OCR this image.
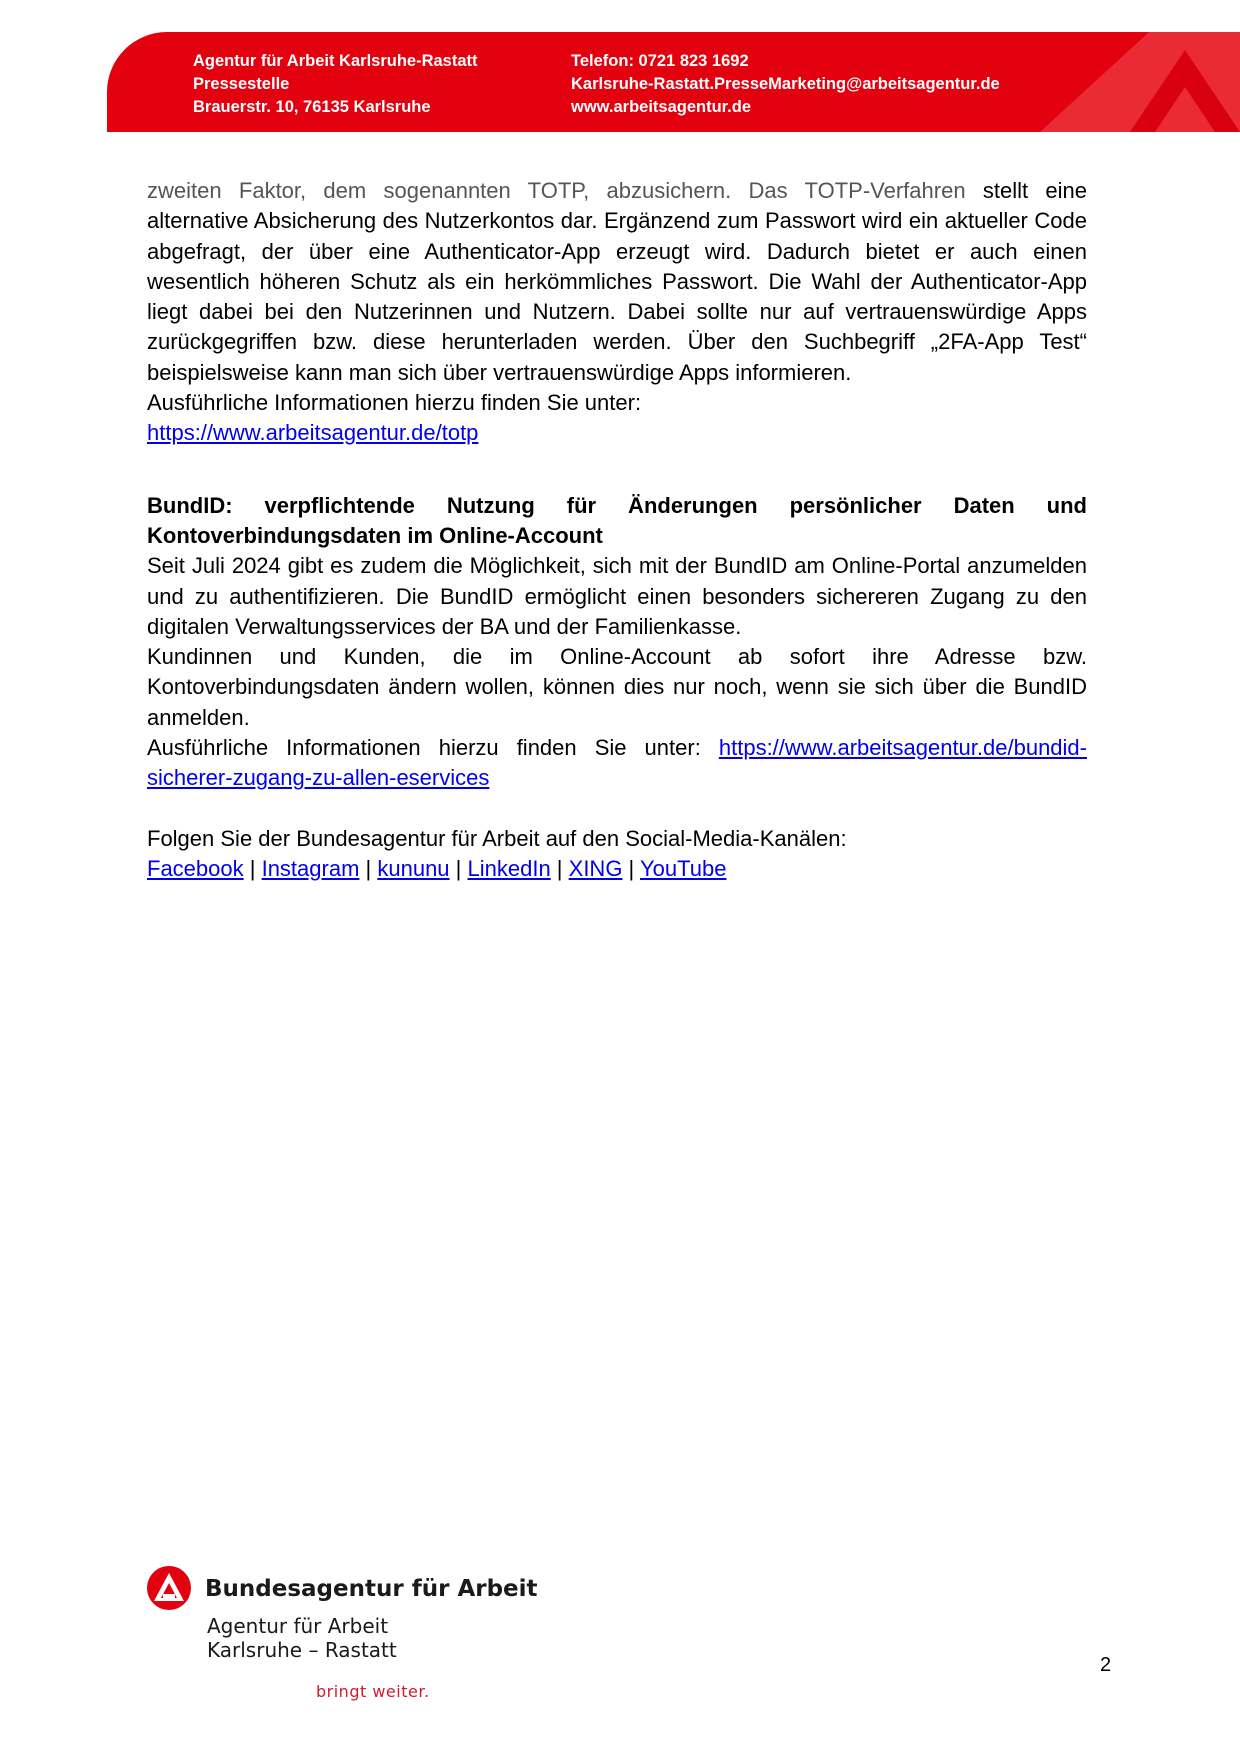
Agentur für Arbeit Karlsruhe-Rastatt
Pressestelle
Brauerstr. 10, 76135 Karlsruhe
Telefon: 0721 823 1692
Karlsruhe-Rastatt.PresseMarketing@arbeitsagentur.de
www.arbeitsagentur.de

zweiten Faktor, dem sogenannten TOTP, abzusichern. Das TOTP-Verfahren stellt eine alternative Absicherung des Nutzerkontos dar. Ergänzend zum Passwort wird ein aktueller Code abgefragt, der über eine Authenticator-App erzeugt wird. Dadurch bietet er auch einen wesentlich höheren Schutz als ein herkömmliches Passwort. Die Wahl der Authenticator-App liegt dabei bei den Nutzerinnen und Nutzern. Dabei sollte nur auf vertrauenswürdige Apps zurückgegriffen bzw. diese herunterladen werden. Über den Suchbegriff „2FA-App Test“ beispielsweise kann man sich über vertrauenswürdige Apps informieren.

Ausführliche Informationen hierzu finden Sie unter:

https://www.arbeitsagentur.de/totp

BundID: verpflichtende Nutzung für Änderungen persönlicher Daten und Kontoverbindungsdaten im Online-Account

Seit Juli 2024 gibt es zudem die Möglichkeit, sich mit der BundID am Online-Portal anzumelden und zu authentifizieren. Die BundID ermöglicht einen besonders sichereren Zugang zu den digitalen Verwaltungsservices der BA und der Familienkasse.

Kundinnen und Kunden, die im Online-Account ab sofort ihre Adresse bzw. Kontoverbindungsdaten ändern wollen, können dies nur noch, wenn sie sich über die BundID anmelden.

Ausführliche Informationen hierzu finden Sie unter: https://www.arbeitsagentur.de/bundid-sicherer-zugang-zu-allen-eservices

Folgen Sie der Bundesagentur für Arbeit auf den Social-Media-Kanälen:

Facebook | Instagram | kununu | LinkedIn | XING | YouTube

Bundesagentur für Arbeit
Agentur für Arbeit
Karlsruhe – Rastatt
bringt weiter.
2
